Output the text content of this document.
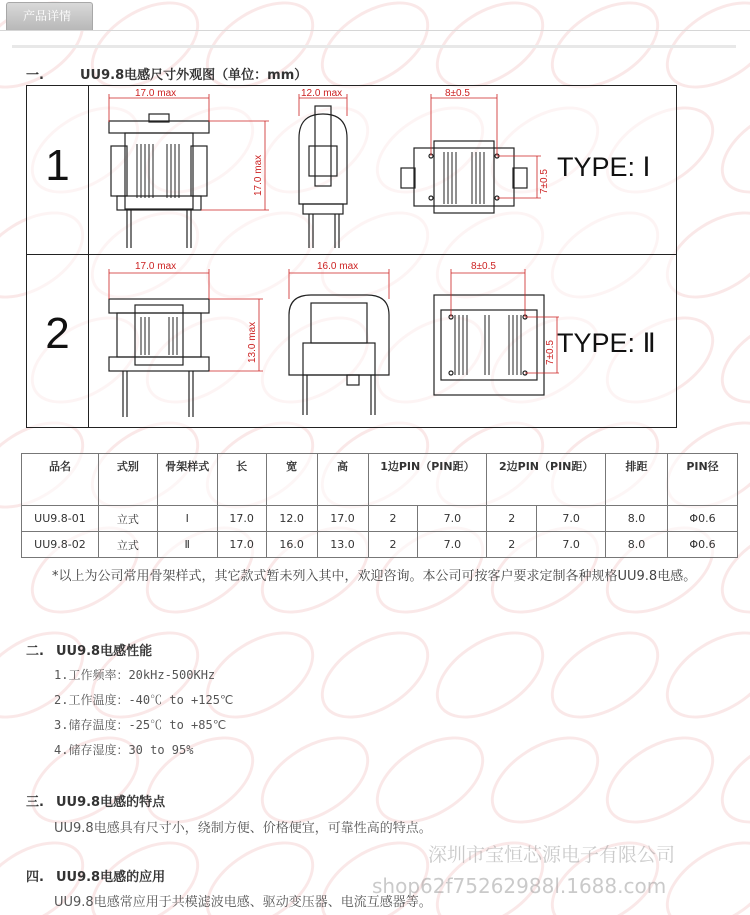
产品详情
一.	UU9.8电感尺寸外观图（单位：mm）
1
2
TYPE: Ⅰ
TYPE: Ⅱ
17.0 max
17.0 max
12.0 max	8±0.5
7±0.5
17.0 max
13.0 max
16.0 max	8±0.5
7±0.5
品名	式别	骨架样式	长	宽	高	1边PIN（PIN距）		2边PIN（PIN距）		排距	PIN径
UU9.8-01	立式	Ⅰ	17.0	12.0	17.0	2	7.0	2	7.0	8.0	Φ0.6
UU9.8-02	立式	Ⅱ	17.0	16.0	13.0	2	7.0	2	7.0	8.0	Φ0.6
*以上为公司常用骨架样式，其它款式暂未列入其中，欢迎咨询。本公司可按客户要求定制各种规格UU9.8电感。
二. UU9.8电感性能
1.工作频率：20kHz-500KHz
2.工作温度：-40℃ to +125℃
3.储存温度：-25℃ to +85℃
4.储存湿度：30 to 95%
三. UU9.8电感的特点
UU9.8电感具有尺寸小，绕制方便、价格便宜，可靠性高的特点。
四. UU9.8电感的应用
UU9.8电感常应用于共模滤波电感、驱动变压器、电流互感器等。
深圳市宝恒芯源电子有限公司
shop62f75262988l.1688.com
